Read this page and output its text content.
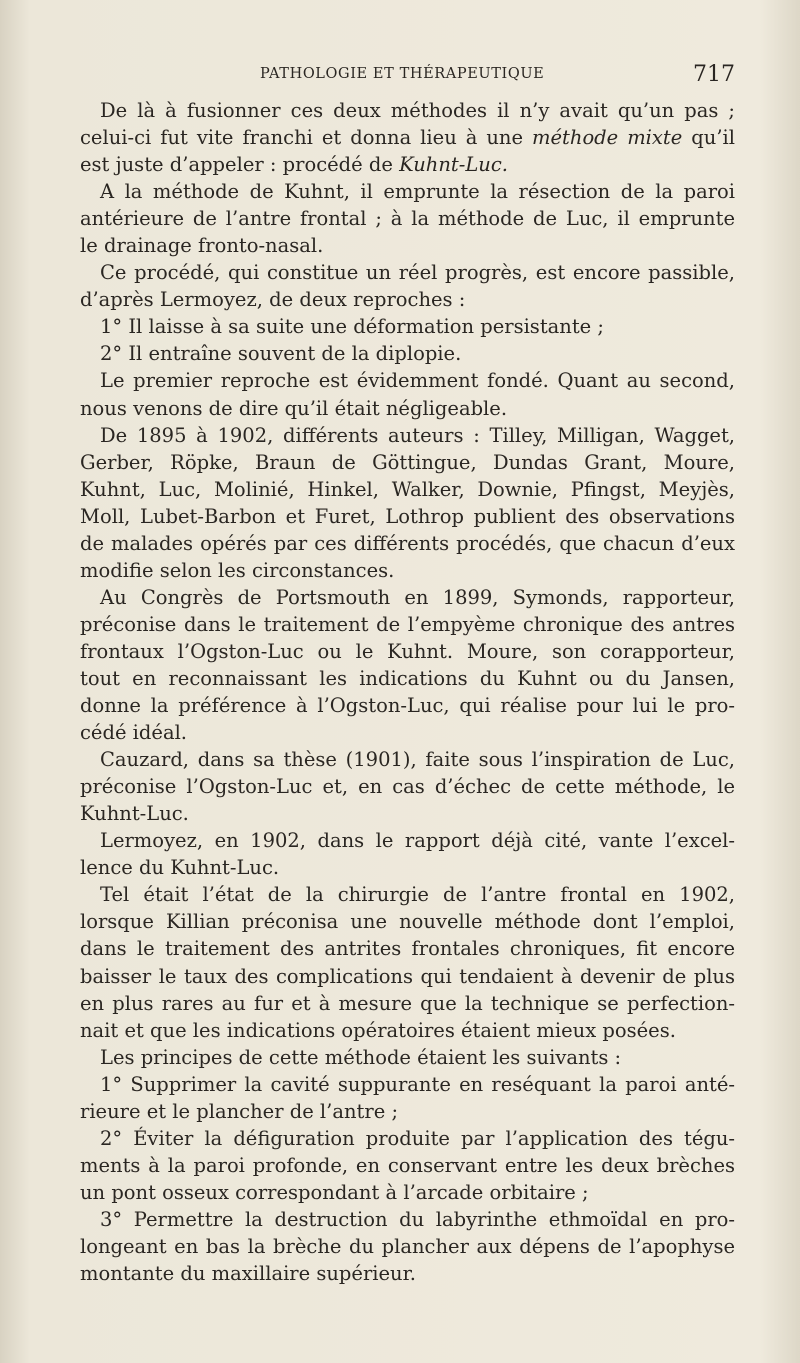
PATHOLOGIE ET THÉRAPEUTIQUE	717
De là à fusionner ces deux méthodes il n’y avait qu’un pas ;
celui-ci fut vite franchi et donna lieu à une méthode mixte qu’il
est juste d’appeler : procédé de Kuhnt-Luc.
A la méthode de Kuhnt, il emprunte la résection de la paroi
antérieure de l’antre frontal ; à la méthode de Luc, il emprunte
le drainage fronto-nasal.
Ce procédé, qui constitue un réel progrès, est encore passible,
d’après Lermoyez, de deux reproches :
1° Il laisse à sa suite une déformation persistante ;
2° Il entraîne souvent de la diplopie.
Le premier reproche est évidemment fondé. Quant au second,
nous venons de dire qu’il était négligeable.
De 1895 à 1902, différents auteurs : Tilley, Milligan, Wagget,
Gerber, Röpke, Braun de Göttingue, Dundas Grant, Moure,
Kuhnt, Luc, Molinié, Hinkel, Walker, Downie, Pfingst, Meyjès,
Moll, Lubet-Barbon et Furet, Lothrop publient des observations
de malades opérés par ces différents procédés, que chacun d’eux
modifie selon les circonstances.
Au Congrès de Portsmouth en 1899, Symonds, rapporteur,
préconise dans le traitement de l’empyème chronique des antres
frontaux l’Ogston-Luc ou le Kuhnt. Moure, son corapporteur,
tout en reconnaissant les indications du Kuhnt ou du Jansen,
donne la préférence à l’Ogston-Luc, qui réalise pour lui le pro-
cédé idéal.
Cauzard, dans sa thèse (1901), faite sous l’inspiration de Luc,
préconise l’Ogston-Luc et, en cas d’échec de cette méthode, le
Kuhnt-Luc.
Lermoyez, en 1902, dans le rapport déjà cité, vante l’excel-
lence du Kuhnt-Luc.
Tel était l’état de la chirurgie de l’antre frontal en 1902,
lorsque Killian préconisa une nouvelle méthode dont l’emploi,
dans le traitement des antrites frontales chroniques, fit encore
baisser le taux des complications qui tendaient à devenir de plus
en plus rares au fur et à mesure que la technique se perfection-
nait et que les indications opératoires étaient mieux posées.
Les principes de cette méthode étaient les suivants :
1° Supprimer la cavité suppurante en reséquant la paroi anté-
rieure et le plancher de l’antre ;
2° Éviter la défiguration produite par l’application des tégu-
ments à la paroi profonde, en conservant entre les deux brèches
un pont osseux correspondant à l’arcade orbitaire ;
3° Permettre la destruction du labyrinthe ethmoïdal en pro-
longeant en bas la brèche du plancher aux dépens de l’apophyse
montante du maxillaire supérieur.
